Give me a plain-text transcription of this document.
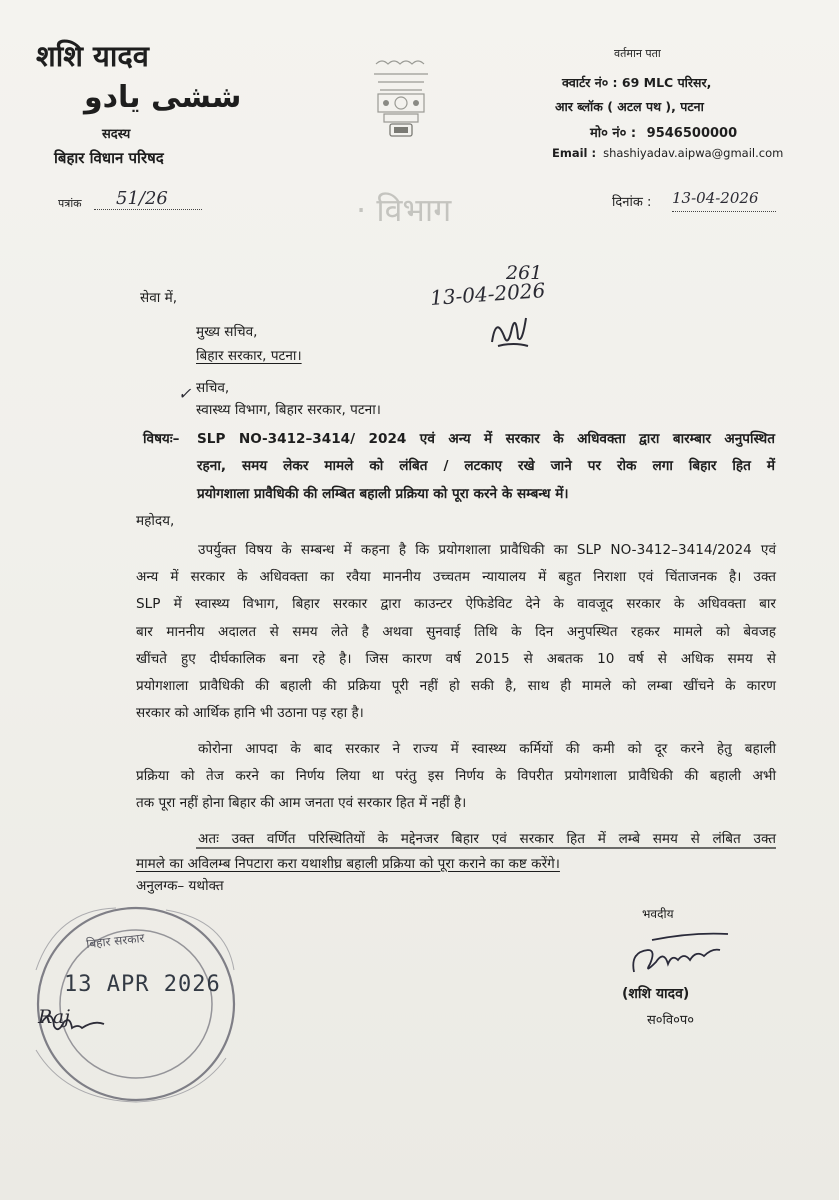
शशि यादव
ششی یادو
सदस्य
बिहार विधान परिषद
वर्तमान पता
क्वार्टर नं० : 69 MLC परिसर,
आर ब्लॉक ( अटल पथ ), पटना
मो० नं० : 9546500000
Email : shashiyadav.aipwa@gmail.com
पत्रांक	51/26	दिनांक : 13-04-2026
· विभाग
261
13-04-2026
सेवा में,
मुख्य सचिव,
बिहार सरकार, पटना।
✓ सचिव,
स्वास्थ्य विभाग, बिहार सरकार, पटना।
विषयः– SLP NO-3412–3414/ 2024 एवं अन्य में सरकार के अधिवक्ता द्वारा बारम्बार अनुपस्थित
रहना, समय लेकर मामले को लंबित / लटकाए रखे जाने पर रोक लगा बिहार हित में
प्रयोगशाला प्रावैधिकी की लम्बित बहाली प्रक्रिया को पूरा करने के सम्बन्ध में।
महोदय,
उपर्युक्त विषय के सम्बन्ध में कहना है कि प्रयोगशाला प्रावैधिकी का SLP NO-3412–3414/2024 एवं
अन्य में सरकार के अधिवक्ता का रवैया माननीय उच्चतम न्यायालय में बहुत निराशा एवं चिंताजनक है। उक्त
SLP में स्वास्थ्य विभाग, बिहार सरकार द्वारा काउन्टर ऐफिडेविट देने के वावजूद सरकार के अधिवक्ता बार
बार माननीय अदालत से समय लेते है अथवा सुनवाई तिथि के दिन अनुपस्थित रहकर मामले को बेवजह
खींचते हुए दीर्घकालिक बना रहे है। जिस कारण वर्ष 2015 से अबतक 10 वर्ष से अधिक समय से
प्रयोगशाला प्रावैधिकी की बहाली की प्रक्रिया पूरी नहीं हो सकी है, साथ ही मामले को लम्बा खींचने के कारण
सरकार को आर्थिक हानि भी उठाना पड़ रहा है।
कोरोना आपदा के बाद सरकार ने राज्य में स्वास्थ्य कर्मियों की कमी को दूर करने हेतु बहाली
प्रक्रिया को तेज करने का निर्णय लिया था परंतु इस निर्णय के विपरीत प्रयोगशाला प्रावैधिकी की बहाली अभी
तक पूरा नहीं होना बिहार की आम जनता एवं सरकार हित में नहीं है।
अतः उक्त वर्णित परिस्थितियों के मद्देनजर बिहार एवं सरकार हित में लम्बे समय से लंबित उक्त
मामले का अविलम्ब निपटारा करा यथाशीघ्र बहाली प्रक्रिया को पूरा कराने का कष्ट करेंगे।
अनुलग्क– यथोक्त
भवदीय
(शशि यादव)
स०वि०प०
बिहार सरकार
13 APR 2026
Raj
